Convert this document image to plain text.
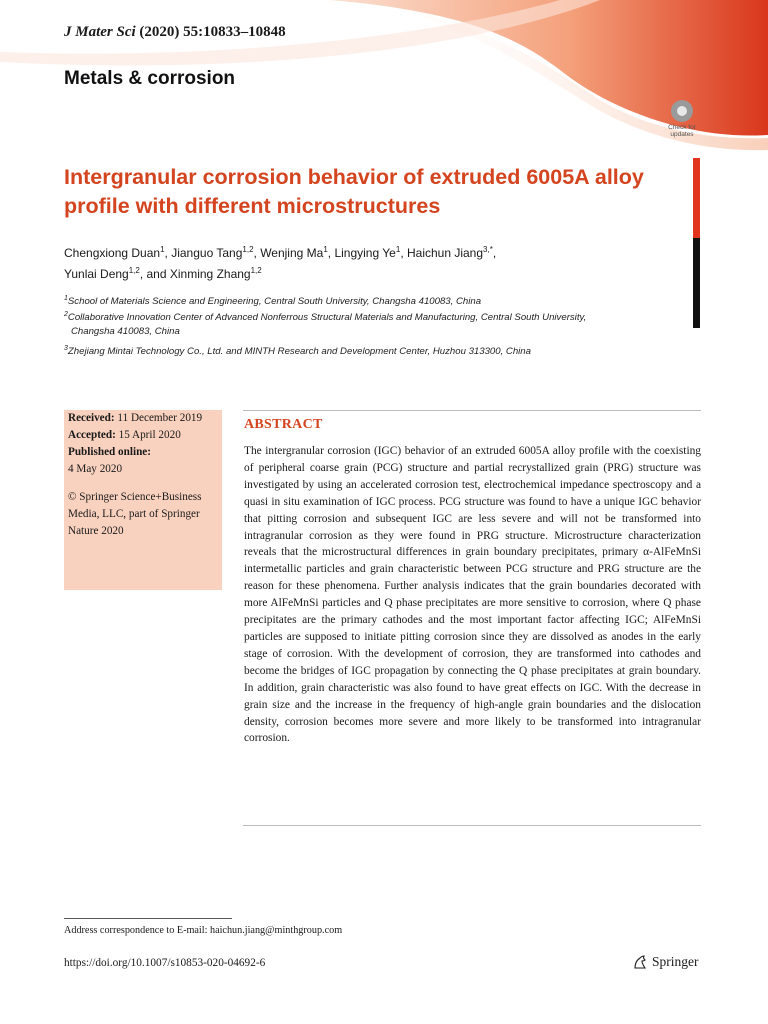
J Mater Sci (2020) 55:10833–10848
Metals & corrosion
Check for updates
Intergranular corrosion behavior of extruded 6005A alloy profile with different microstructures
Chengxiong Duan$^1$, Jianguo Tang$^{1,2}$, Wenjing Ma$^1$, Lingying Ye$^1$, Haichun Jiang$^{3,*}$,
Yunlai Deng$^{1,2}$, and Xinming Zhang$^{1,2}$
$^1$School of Materials Science and Engineering, Central South University, Changsha 410083, China
$^2$Collaborative Innovation Center of Advanced Nonferrous Structural Materials and Manufacturing, Central South University,
Changsha 410083, China
$^3$Zhejiang Mintai Technology Co., Ltd. and MINTH Research and Development Center, Huzhou 313300, China
Received: 11 December 2019
Accepted: 15 April 2020
Published online:
4 May 2020
© Springer Science+Business Media, LLC, part of Springer Nature 2020
ABSTRACT
The intergranular corrosion (IGC) behavior of an extruded 6005A alloy profile with the coexisting of peripheral coarse grain (PCG) structure and partial recrystallized grain (PRG) structure was investigated by using an accelerated corrosion test, electrochemical impedance spectroscopy and a quasi in situ examination of IGC process. PCG structure was found to have a unique IGC behavior that pitting corrosion and subsequent IGC are less severe and will not be transformed into intragranular corrosion as they were found in PRG structure. Microstructure characterization reveals that the microstructural differences in grain boundary precipitates, primary α-AlFeMnSi intermetallic particles and grain characteristic between PCG structure and PRG structure are the reason for these phenomena. Further analysis indicates that the grain boundaries decorated with more AlFeMnSi particles and Q phase precipitates are more sensitive to corrosion, where Q phase precipitates are the primary cathodes and the most important factor affecting IGC; AlFeMnSi particles are supposed to initiate pitting corrosion since they are dissolved as anodes in the early stage of corrosion. With the development of corrosion, they are transformed into cathodes and become the bridges of IGC propagation by connecting the Q phase precipitates at grain boundary. In addition, grain characteristic was also found to have great effects on IGC. With the decrease in grain size and the increase in the frequency of high-angle grain boundaries and the dislocation density, corrosion becomes more severe and more likely to be transformed into intragranular corrosion.
Address correspondence to E-mail: haichun.jiang@minthgroup.com
https://doi.org/10.1007/s10853-020-04692-6	Springer
